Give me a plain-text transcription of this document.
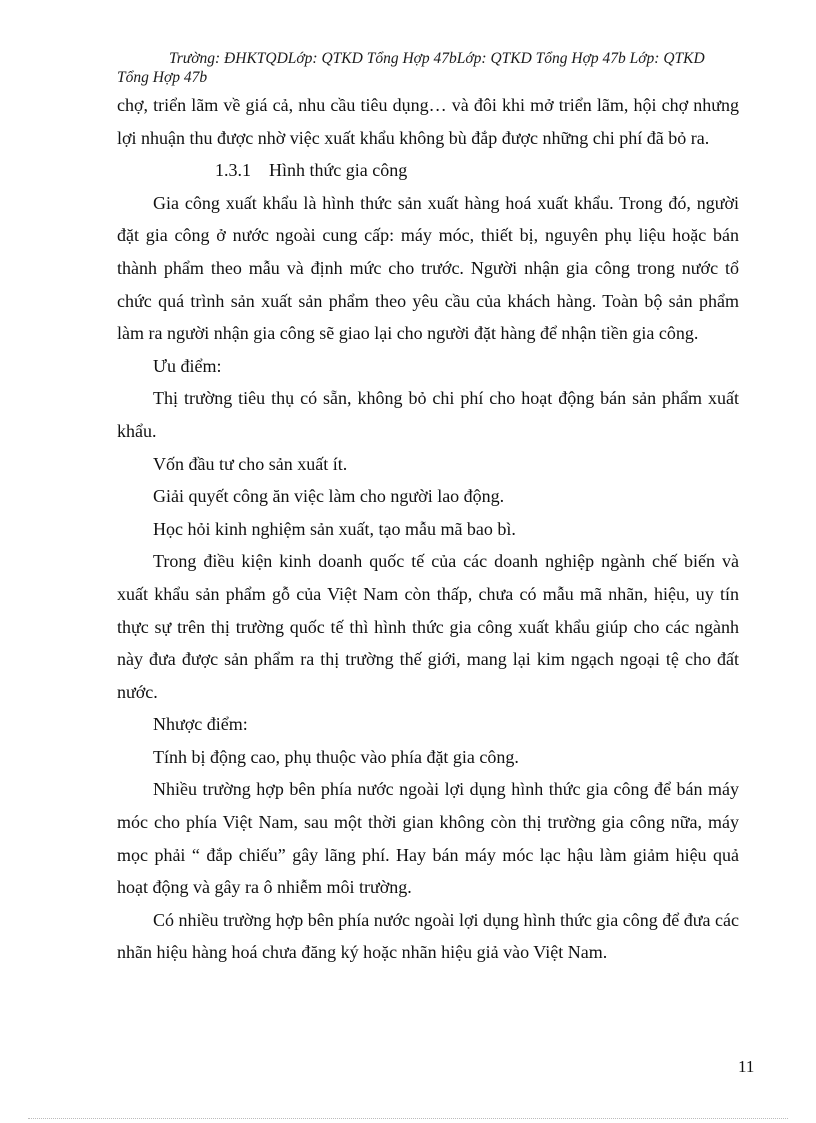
Trường: ĐHKTQDLớp: QTKD Tổng Hợp 47bLớp: QTKD Tổng Hợp 47b Lớp: QTKD
Tổng Hợp 47b

chợ, triển lãm về giá cả, nhu cầu tiêu dụng… và đôi khi mở triển lãm, hội chợ nhưng lợi nhuận thu được nhờ việc xuất khẩu không bù đắp được những chi phí đã bỏ ra.

1.3.1 Hình thức gia công

Gia công xuất khẩu là hình thức sản xuất hàng hoá xuất khẩu. Trong đó, người đặt gia công ở nước ngoài cung cấp: máy móc, thiết bị, nguyên phụ liệu hoặc bán thành phẩm theo mẫu và định mức cho trước. Người nhận gia công trong nước tổ chức quá trình sản xuất sản phẩm theo yêu cầu của khách hàng. Toàn bộ sản phẩm làm ra người nhận gia công sẽ giao lại cho người đặt hàng để nhận tiền gia công.

Ưu điểm:

Thị trường tiêu thụ có sẵn, không bỏ chi phí cho hoạt động bán sản phẩm xuất khẩu.

Vốn đầu tư cho sản xuất ít.

Giải quyết công ăn việc làm cho người lao động.

Học hỏi kinh nghiệm sản xuất, tạo mẫu mã bao bì.

Trong điều kiện kinh doanh quốc tế của các doanh nghiệp ngành chế biến và xuất khẩu sản phẩm gỗ của Việt Nam còn thấp, chưa có mẫu mã nhãn, hiệu, uy tín thực sự trên thị trường quốc tế thì hình thức gia công xuất khẩu giúp cho các ngành này đưa được sản phẩm ra thị trường thế giới, mang lại kim ngạch ngoại tệ cho đất nước.

Nhược điểm:

Tính bị động cao, phụ thuộc vào phía đặt gia công.

Nhiều trường hợp bên phía nước ngoài lợi dụng hình thức gia công để bán máy móc cho phía Việt Nam, sau một thời gian không còn thị trường gia công nữa, máy mọc phải “ đắp chiếu” gây lãng phí. Hay bán máy móc lạc hậu làm giảm hiệu quả hoạt động và gây ra ô nhiễm môi trường.

Có nhiều trường hợp bên phía nước ngoài lợi dụng hình thức gia công để đưa các nhãn hiệu hàng hoá chưa đăng ký hoặc nhãn hiệu giả vào Việt Nam.

11
